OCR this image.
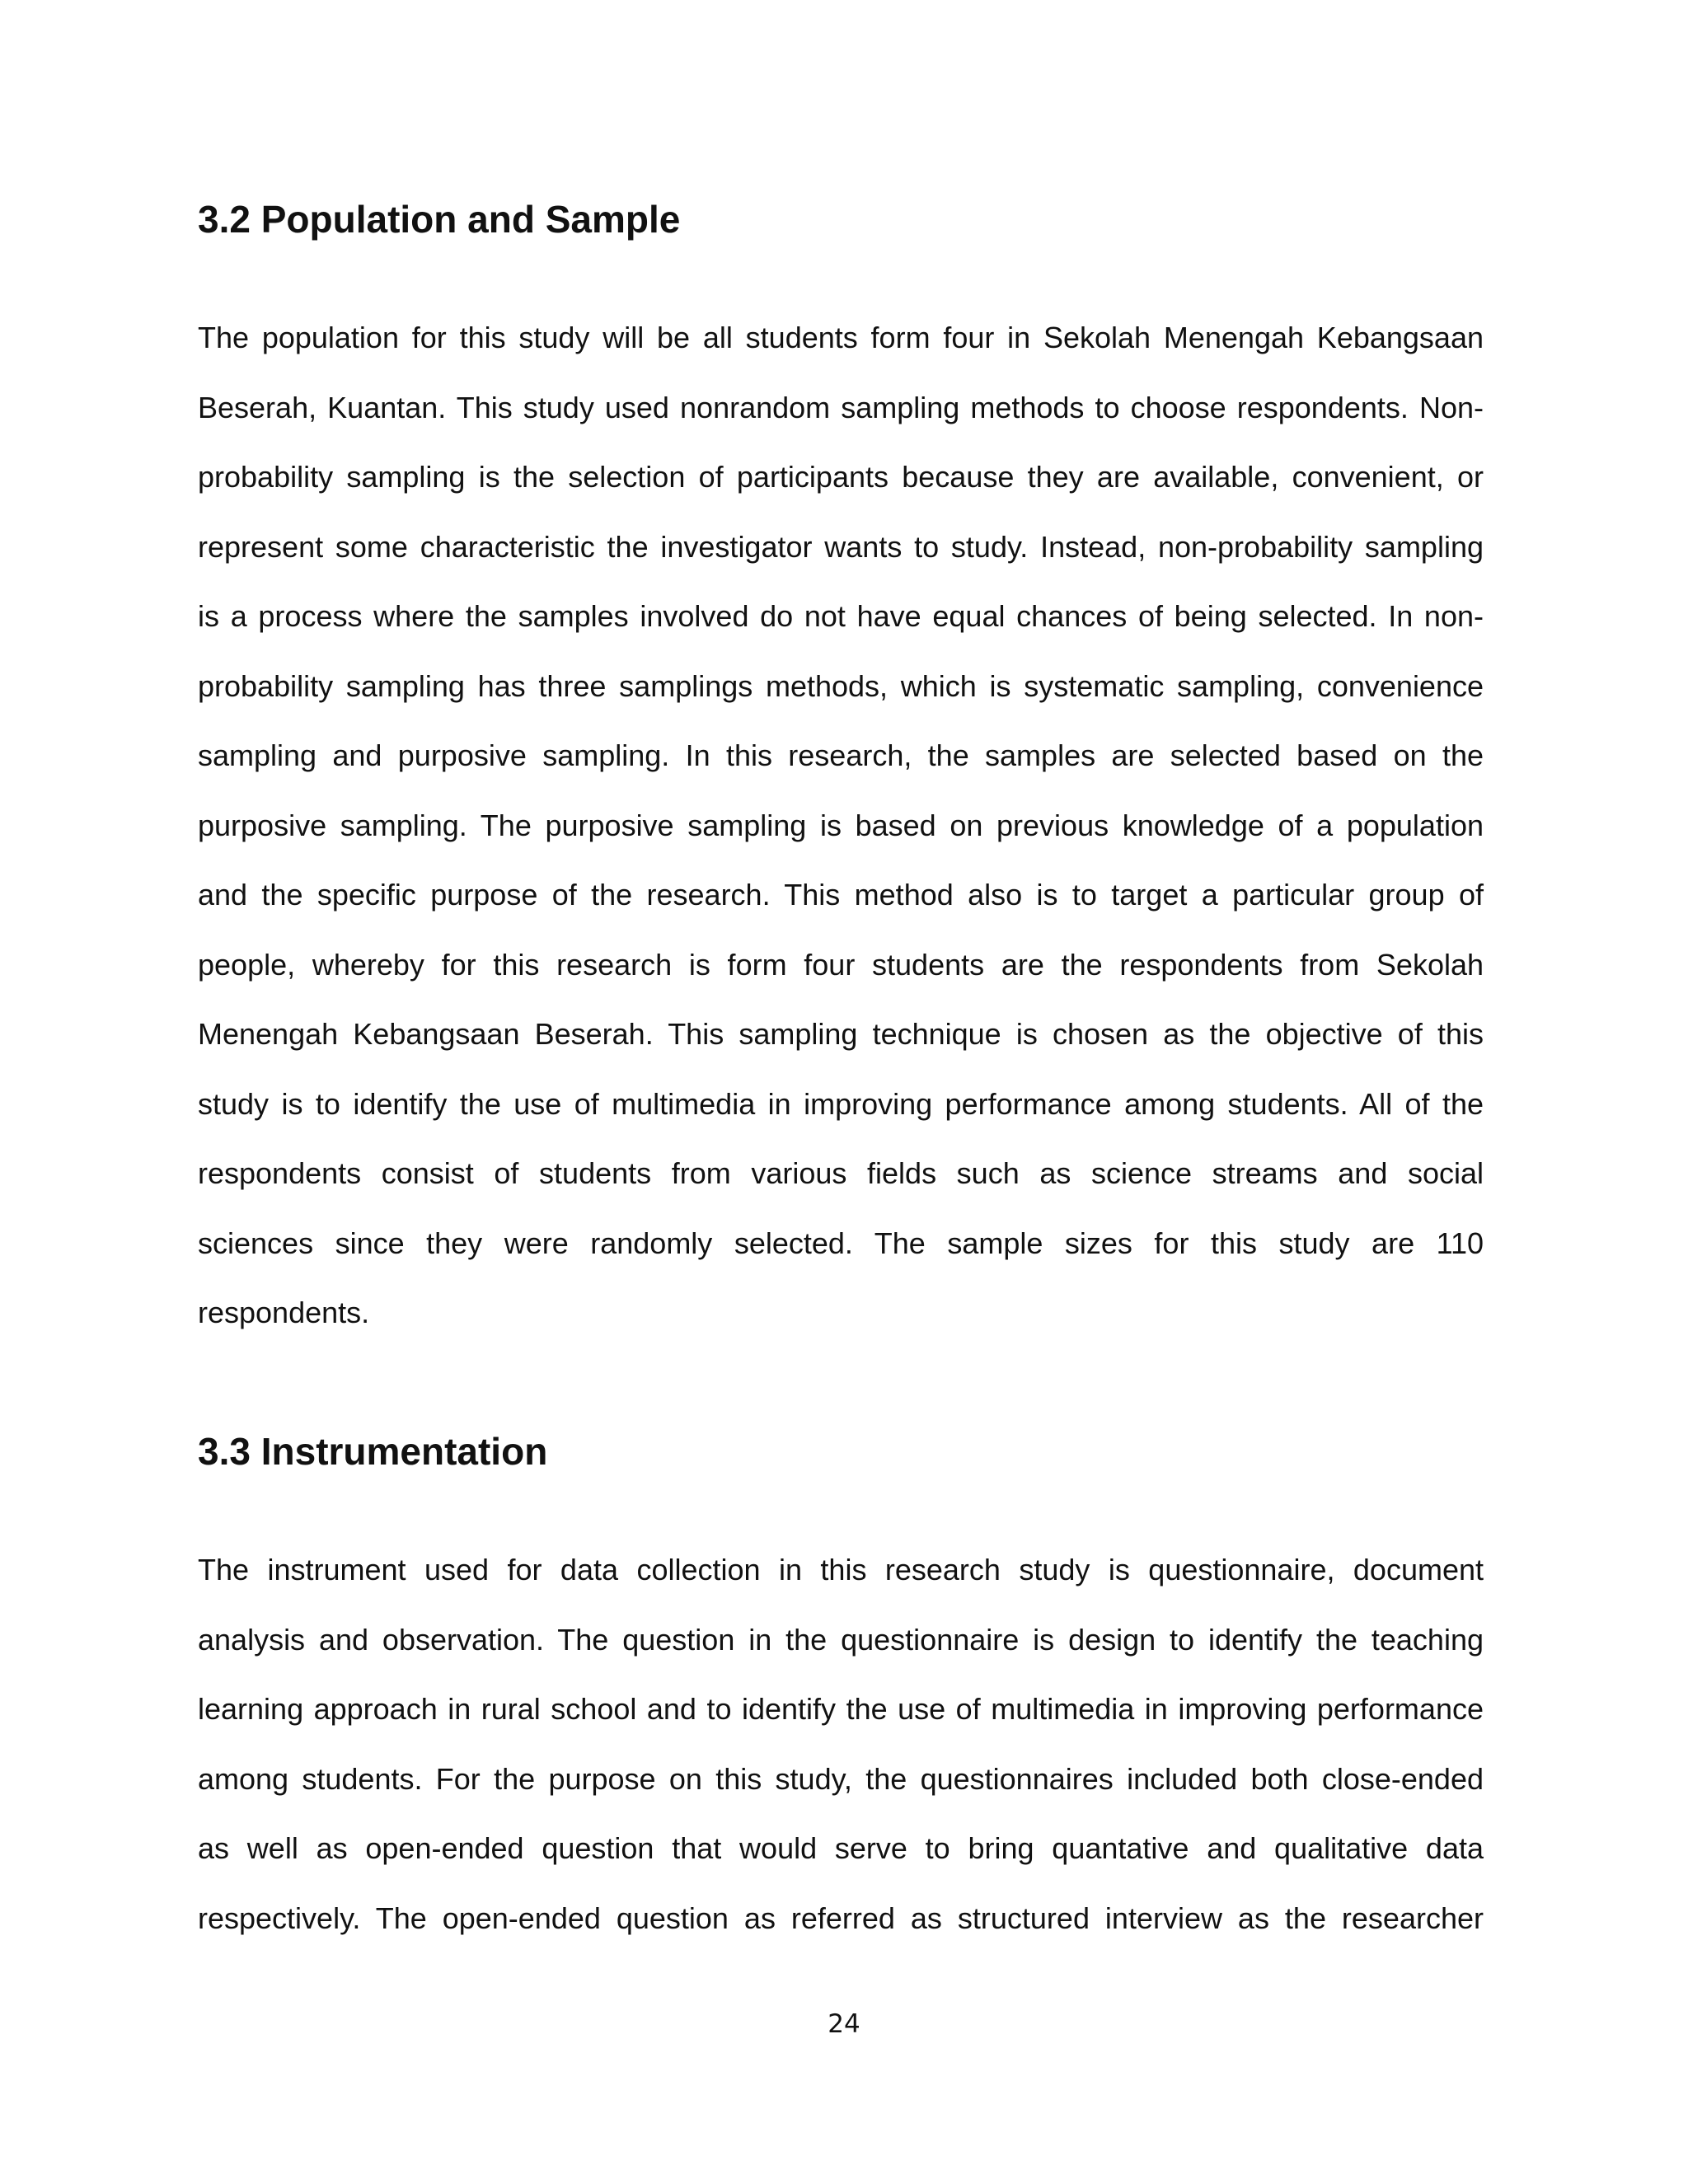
3.2 Population and Sample
The population for this study will be all students form four in Sekolah Menengah Kebangsaan
Beserah, Kuantan. This study used nonrandom sampling methods to choose respondents. Non-
probability sampling is the selection of participants because they are available, convenient, or
represent some characteristic the investigator wants to study. Instead, non-probability sampling
is a process where the samples involved do not have equal chances of being selected. In non-
probability sampling has three samplings methods, which is systematic sampling, convenience
sampling and purposive sampling. In this research, the samples are selected based on the
purposive sampling. The purposive sampling is based on previous knowledge of a population
and the specific purpose of the research. This method also is to target a particular group of
people, whereby for this research is form four students are the respondents from Sekolah
Menengah Kebangsaan Beserah. This sampling technique is chosen as the objective of this
study is to identify the use of multimedia in improving performance among students. All of the
respondents consist of students from various fields such as science streams and social
sciences since they were randomly selected. The sample sizes for this study are 110
respondents.
3.3 Instrumentation
The instrument used for data collection in this research study is questionnaire, document
analysis and observation. The question in the questionnaire is design to identify the teaching
learning approach in rural school and to identify the use of multimedia in improving performance
among students. For the purpose on this study, the questionnaires included both close-ended
as well as open-ended question that would serve to bring quantative and qualitative data
respectively. The open-ended question as referred as structured interview as the researcher
24
